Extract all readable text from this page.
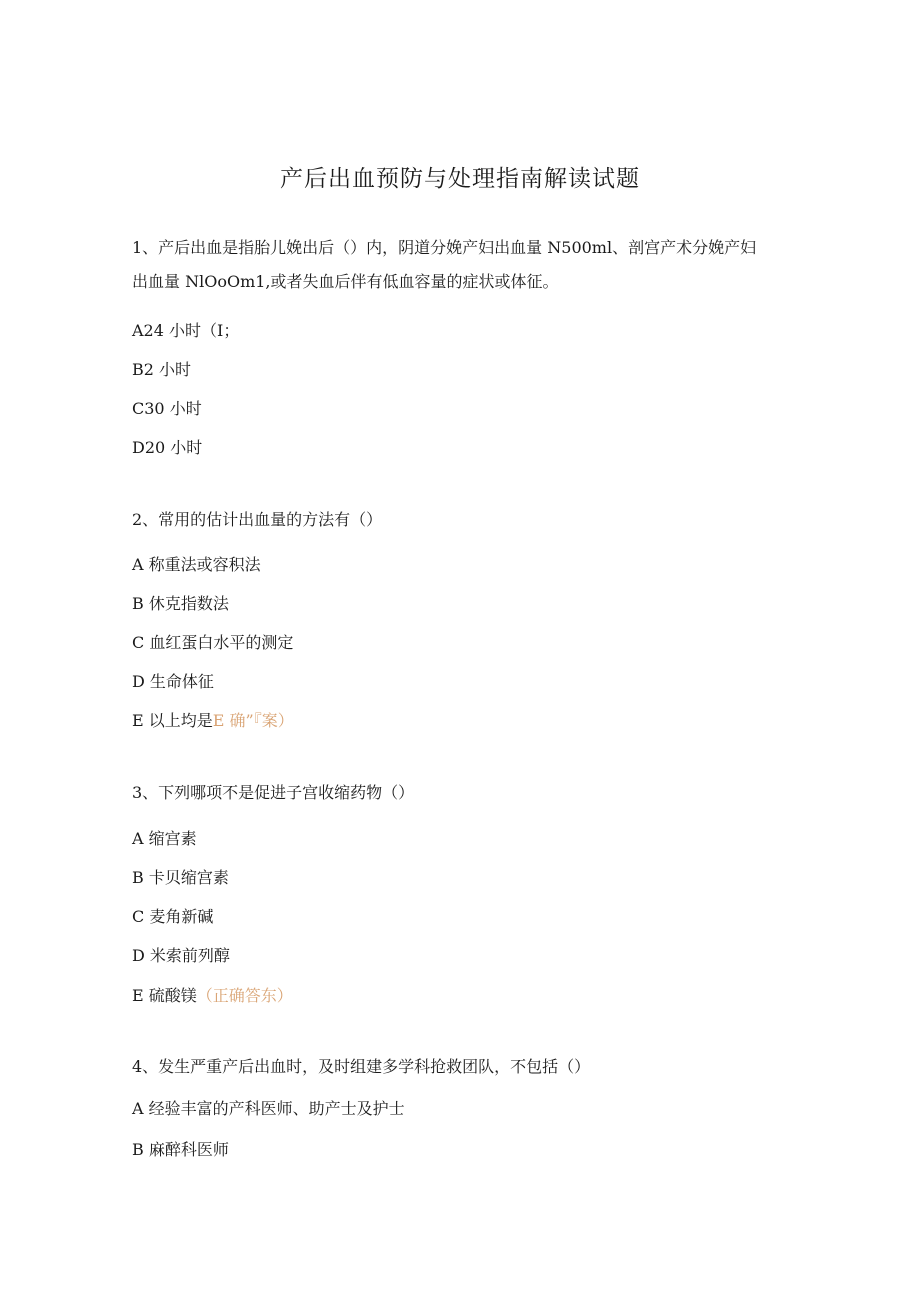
产后出血预防与处理指南解读试题
1、产后出血是指胎儿娩出后（）内，阴道分娩产妇出血量 N500ml、剖宫产术分娩产妇
出血量 NlOoOm1,或者失血后伴有低血容量的症状或体征。
A24 小时（I；
B2 小时
C30 小时
D20 小时
2、常用的估计出血量的方法有（）
A 称重法或容积法
B 休克指数法
C 血红蛋白水平的测定
D 生命体征
E 以上均是E 确”『案）
3、下列哪项不是促进子宫收缩药物（）
A 缩宫素
B 卡贝缩宫素
C 麦角新碱
D 米索前列醇
E 硫酸镁（正确答东）
4、发生严重产后出血时，及时组建多学科抢救团队，不包括（）
A 经验丰富的产科医师、助产士及护士
B 麻醉科医师
